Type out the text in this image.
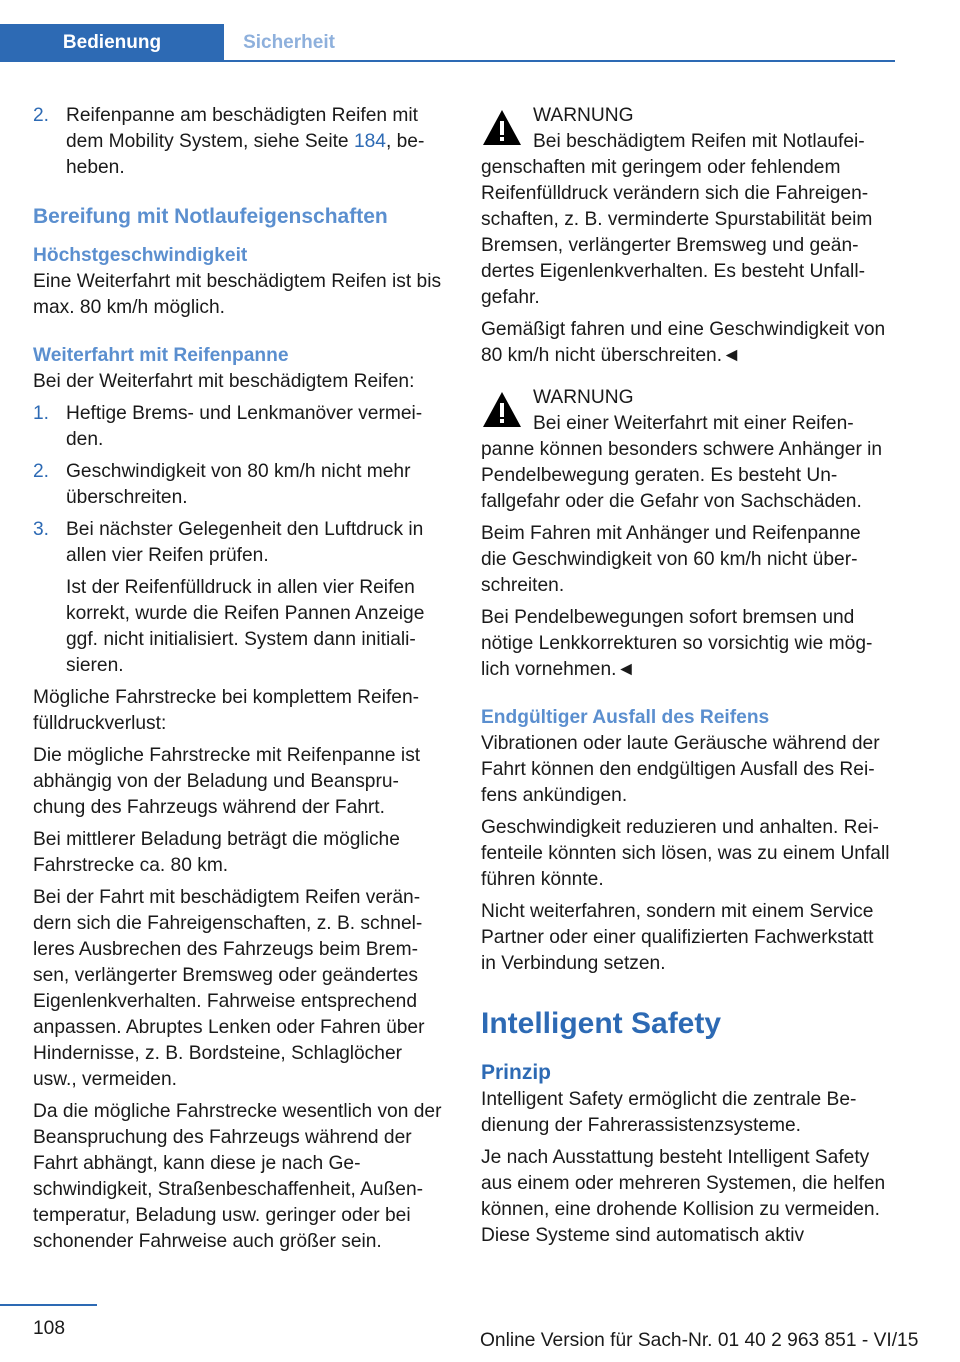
Bedienung	Sicherheit
2. Reifenpanne am beschädigten Reifen mit dem Mobility System, siehe Seite 184, beheben.
Bereifung mit Notlaufeigenschaften
Höchstgeschwindigkeit

Eine Weiterfahrt mit beschädigtem Reifen ist bis max. 80 km/h möglich.

Weiterfahrt mit Reifenpanne

Bei der Weiterfahrt mit beschädigtem Reifen:

1. Heftige Brems- und Lenkmanöver vermeiden.
2. Geschwindigkeit von 80 km/h nicht mehr überschreiten.
3. Bei nächster Gelegenheit den Luftdruck in allen vier Reifen prüfen.

Ist der Reifenfülldruck in allen vier Reifen korrekt, wurde die Reifen Pannen Anzeige ggf. nicht initialisiert. System dann initialisieren.

Mögliche Fahrstrecke bei komplettem Reifenfülldruckverlust:

Die mögliche Fahrstrecke mit Reifenpanne ist abhängig von der Beladung und Beanspruchung des Fahrzeugs während der Fahrt.

Bei mittlerer Beladung beträgt die mögliche Fahrstrecke ca. 80 km.

Bei der Fahrt mit beschädigtem Reifen verändern sich die Fahreigenschaften, z. B. schnelleres Ausbrechen des Fahrzeugs beim Bremsen, verlängerter Bremsweg oder geändertes Eigenlenkverhalten. Fahrweise entsprechend anpassen. Abruptes Lenken oder Fahren über Hindernisse, z. B. Bordsteine, Schlaglöcher usw., vermeiden.

Da die mögliche Fahrstrecke wesentlich von der Beanspruchung des Fahrzeugs während der Fahrt abhängt, kann diese je nach Geschwindigkeit, Straßenbeschaffenheit, Außentemperatur, Beladung usw. geringer oder bei schonender Fahrweise auch größer sein.

WARNUNG
Bei beschädigtem Reifen mit Notlaufeigenschaften mit geringem oder fehlendem Reifenfülldruck verändern sich die Fahreigenschaften, z. B. verminderte Spurstabilität beim Bremsen, verlängerter Bremsweg und geändertes Eigenlenkverhalten. Es besteht Unfallgefahr.

Gemäßigt fahren und eine Geschwindigkeit von 80 km/h nicht überschreiten.◄

WARNUNG
Bei einer Weiterfahrt mit einer Reifenpanne können besonders schwere Anhänger in Pendelbewegung geraten. Es besteht Unfallgefahr oder die Gefahr von Sachschäden.

Beim Fahren mit Anhänger und Reifenpanne die Geschwindigkeit von 60 km/h nicht überschreiten.

Bei Pendelbewegungen sofort bremsen und nötige Lenkkorrekturen so vorsichtig wie möglich vornehmen.◄

Endgültiger Ausfall des Reifens

Vibrationen oder laute Geräusche während der Fahrt können den endgültigen Ausfall des Reifens ankündigen.

Geschwindigkeit reduzieren und anhalten. Reifenteile könnten sich lösen, was zu einem Unfall führen könnte.

Nicht weiterfahren, sondern mit einem Service Partner oder einer qualifizierten Fachwerkstatt in Verbindung setzen.

Intelligent Safety
Prinzip

Intelligent Safety ermöglicht die zentrale Bedienung der Fahrerassistenzsysteme.

Je nach Ausstattung besteht Intelligent Safety aus einem oder mehreren Systemen, die helfen können, eine drohende Kollision zu vermeiden. Diese Systeme sind automatisch aktiv

108
Online Version für Sach-Nr. 01 40 2 963 851 - VI/15
